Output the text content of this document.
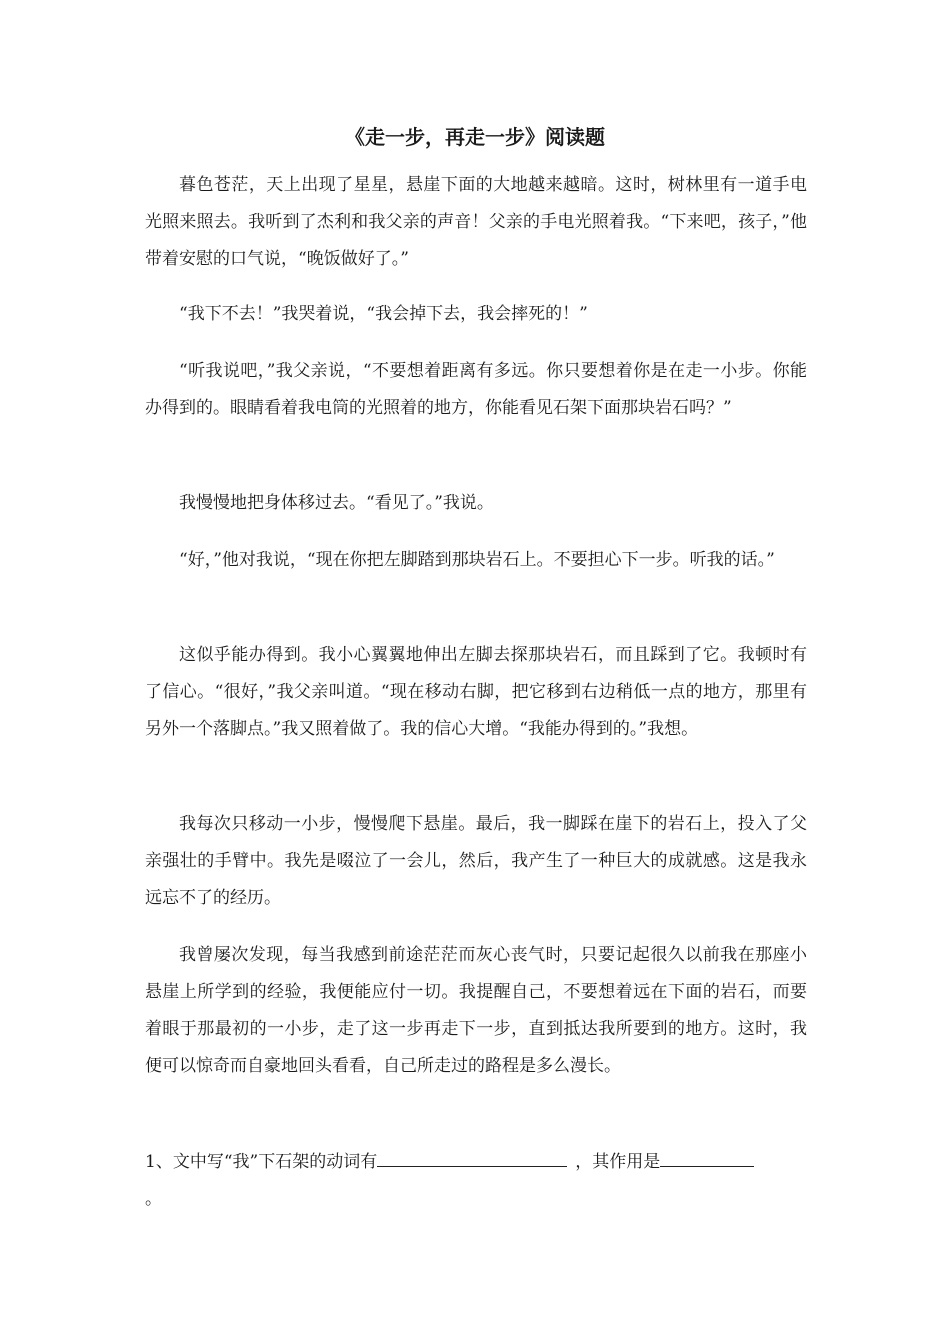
《走一步，再走一步》阅读题

暮色苍茫，天上出现了星星，悬崖下面的大地越来越暗。这时，树林里有一道手电光照来照去。我听到了杰利和我父亲的声音！父亲的手电光照着我。“下来吧，孩子，”他带着安慰的口气说，“晚饭做好了。”

“我下不去！”我哭着说，“我会掉下去，我会摔死的！”

“听我说吧，”我父亲说，“不要想着距离有多远。你只要想着你是在走一小步。你能办得到的。眼睛看着我电筒的光照着的地方，你能看见石架下面那块岩石吗？”

我慢慢地把身体移过去。“看见了。”我说。

“好，”他对我说，“现在你把左脚踏到那块岩石上。不要担心下一步。听我的话。”

这似乎能办得到。我小心翼翼地伸出左脚去探那块岩石，而且踩到了它。我顿时有了信心。“很好，”我父亲叫道。“现在移动右脚，把它移到右边稍低一点的地方，那里有另外一个落脚点。”我又照着做了。我的信心大增。“我能办得到的。”我想。

我每次只移动一小步，慢慢爬下悬崖。最后，我一脚踩在崖下的岩石上，投入了父亲强壮的手臂中。我先是啜泣了一会儿，然后，我产生了一种巨大的成就感。这是我永远忘不了的经历。

我曾屡次发现，每当我感到前途茫茫而灰心丧气时，只要记起很久以前我在那座小悬崖上所学到的经验，我便能应付一切。我提醒自己，不要想着远在下面的岩石，而要着眼于那最初的一小步，走了这一步再走下一步，直到抵达我所要到的地方。这时，我便可以惊奇而自豪地回头看看，自己所走过的路程是多么漫长。

1、文中写“我”下石架的动词有	，其作用是
。
